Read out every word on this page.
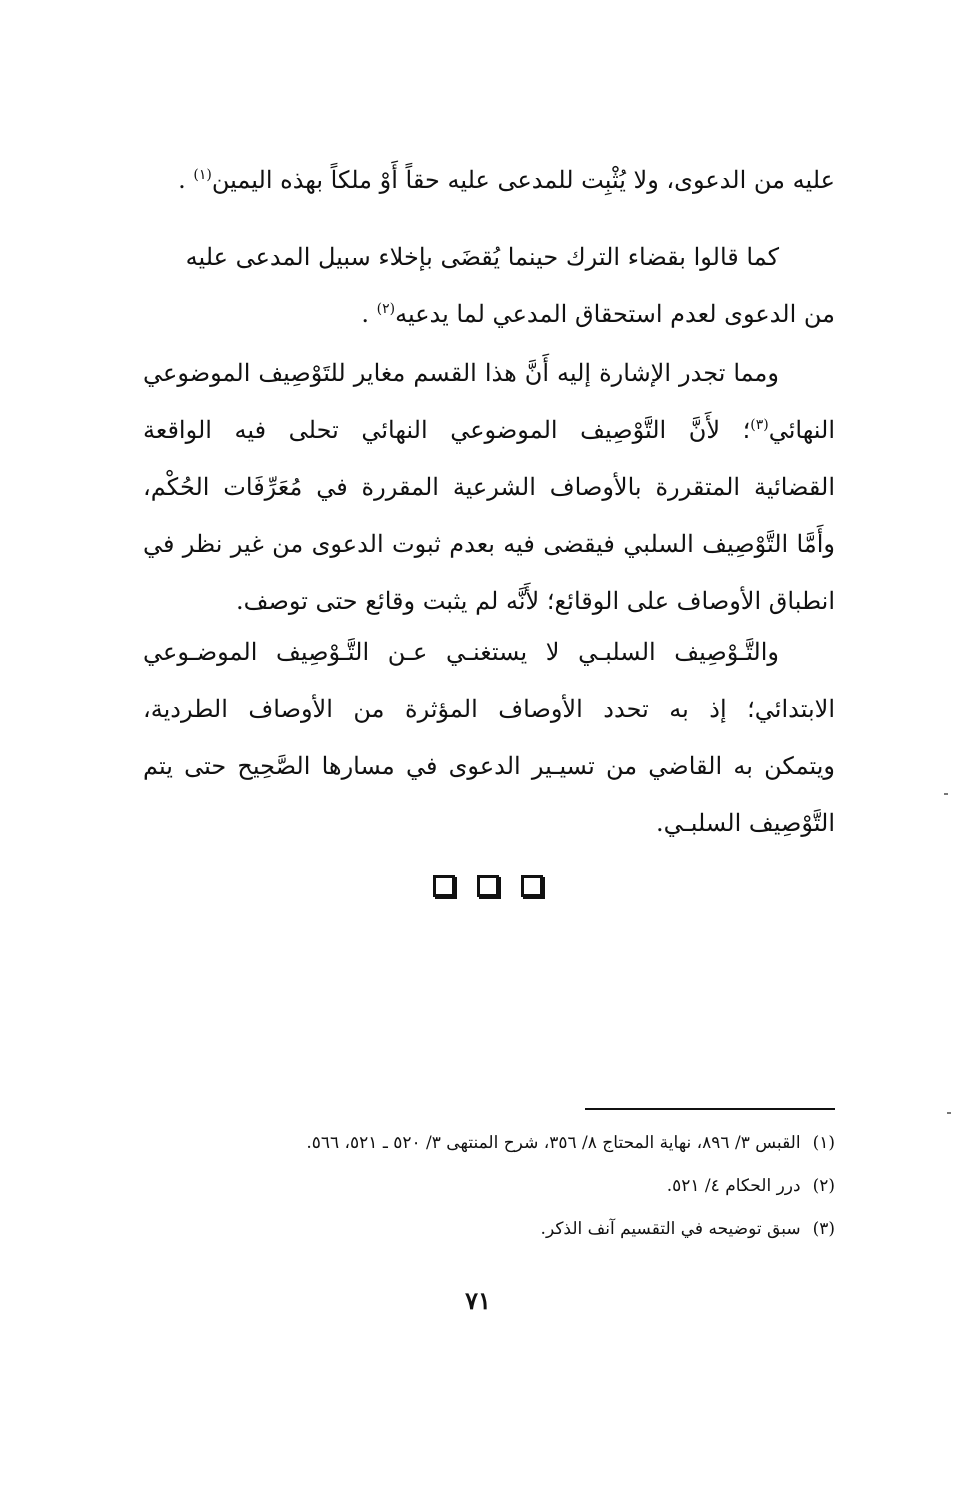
عليه من الدعوى، ولا يُثْبِت للمدعى عليه حقاً أَوْ ملكاً بهذه اليمين$^{(١)}$ .
كما قالوا بقضاء الترك حينما يُقضَى بإخلاء سبيل المدعى عليه
من الدعوى لعدم استحقاق المدعي لما يدعيه$^{(٢)}$ .
ومما تجدر الإشارة إليه أَنَّ هذا القسم مغاير للتَوْصِيف الموضوعي
النهائي$^{(٣)}$؛ لأَنَّ التَّوْصِيف الموضوعي النهائي تحلى فيه الواقعة
القضائية المتقررة بالأوصاف الشرعية المقررة في مُعَرِّفَات الحُكْم،
وأَمَّا التَّوْصِيف السلبي فيقضى فيه بعدم ثبوت الدعوى من غير نظر في
انطباق الأوصاف على الوقائع؛ لأَنَّه لم يثبت وقائع حتى توصف.
والتَّـوْصِيف السلبـي لا يستغنـي عـن التَّـوْصِيف الموضـوعي
الابتدائي؛ إذ به تحدد الأوصاف المؤثرة من الأوصاف الطردية،
ويتمكن به القاضي من تسيـير الدعوى في مسارها الصَّحِيح حتى يتم
التَّوْصِيف السلبـي.
(١)القبس ٣/ ٨٩٦، نهاية المحتاج ٨/ ٣٥٦، شرح المنتهى ٣/ ٥٢٠ ـ ٥٢١، ٥٦٦.
(٢)درر الحكام ٤/ ٥٢١.
(٣)سبق توضيحه في التقسيم آنف الذكر.
٧١
